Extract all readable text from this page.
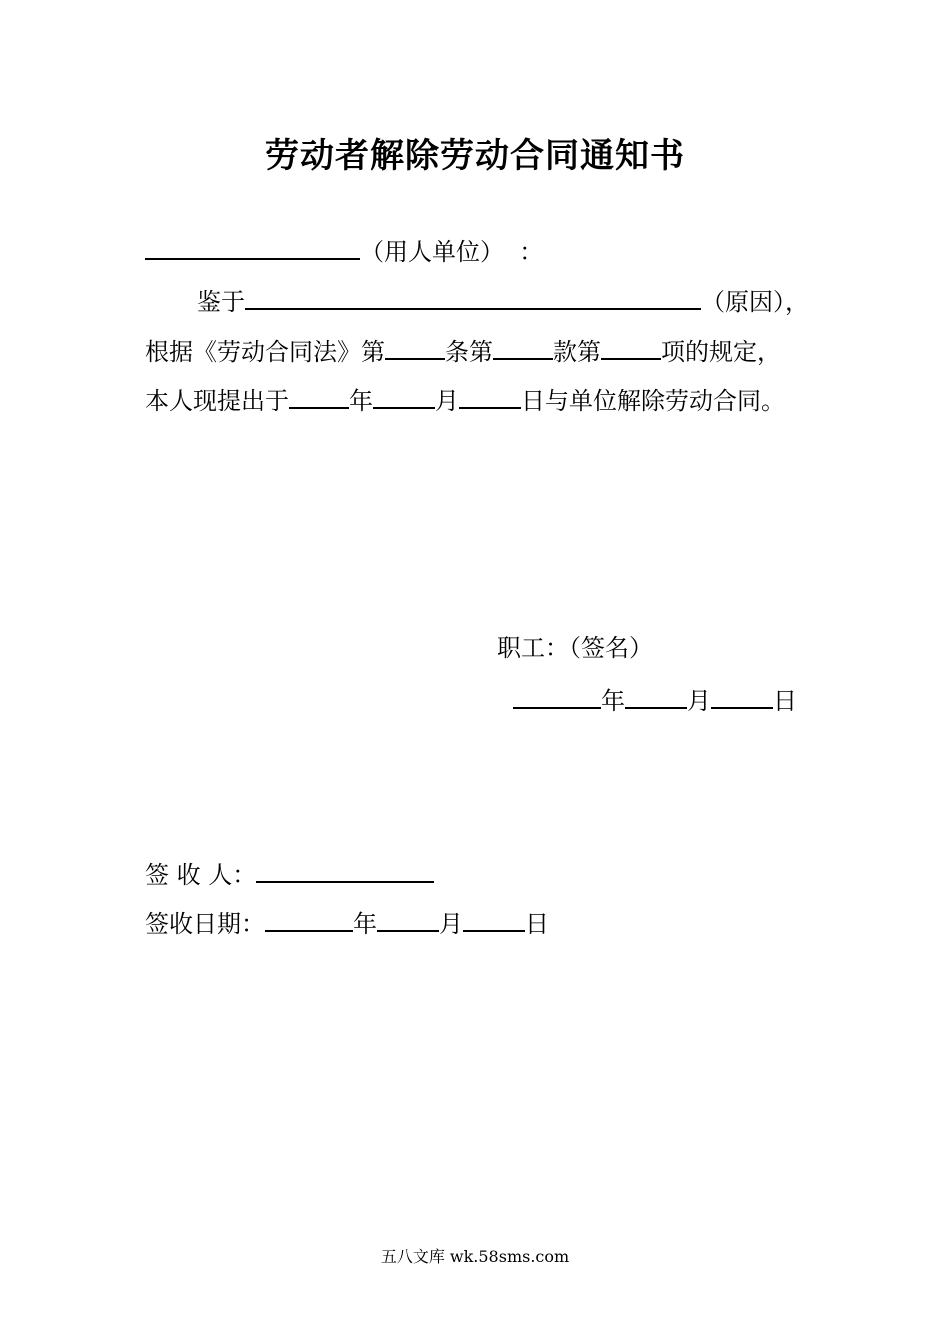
劳动者解除劳动合同通知书
（用人单位） ：
鉴于	（原因），
根据《劳动合同法》第	条第	款第	项的规定，
本人现提出于	年	月	日与单位解除劳动合同。
职工：（签名）
年	月	日
签 收 人：
签收日期：	年	月	日
五八文库 wk.58sms.com
